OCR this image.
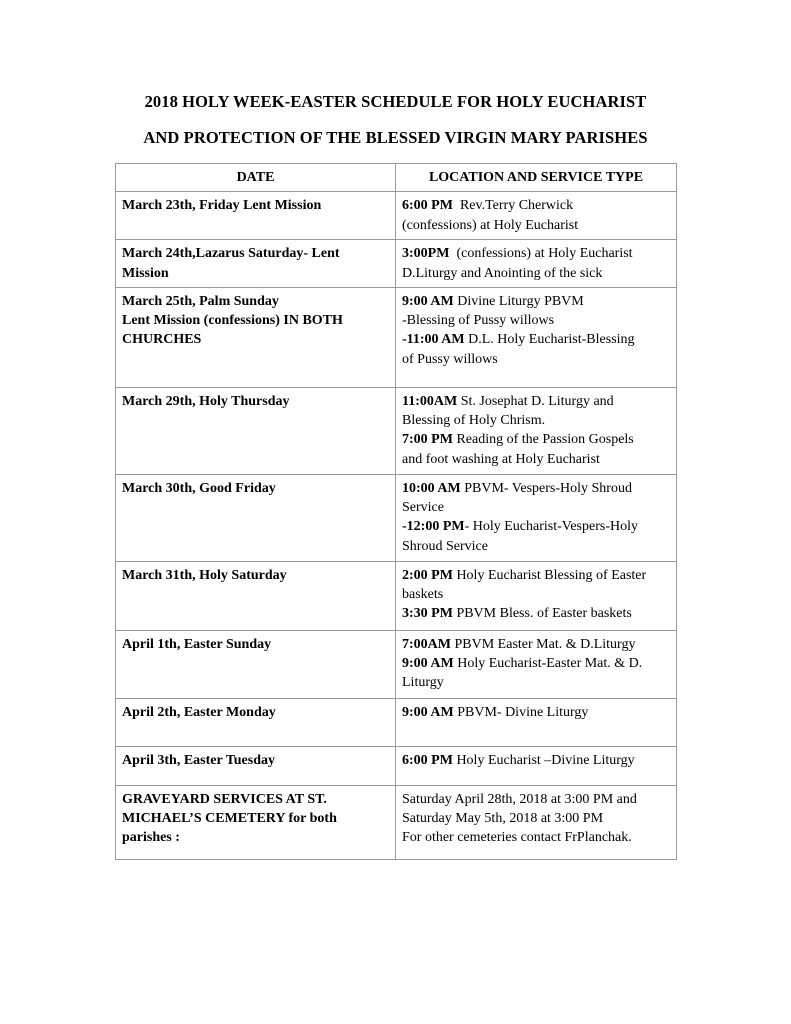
2018 HOLY WEEK-EASTER SCHEDULE FOR HOLY EUCHARIST
AND PROTECTION OF THE BLESSED VIRGIN MARY PARISHES
DATE	LOCATION AND SERVICE TYPE

March 23th, Friday Lent Mission	6:00 PM  Rev.Terry Cherwick
(confessions) at Holy Eucharist

March 24th,Lazarus Saturday- Lent
Mission	3:00PM  (confessions) at Holy Eucharist
D.Liturgy and Anointing of the sick

March 25th, Palm Sunday
Lent Mission (confessions) IN BOTH
CHURCHES	9:00 AM Divine Liturgy PBVM
-Blessing of Pussy willows
-11:00 AM D.L. Holy Eucharist-Blessing
of Pussy willows

March 29th, Holy Thursday	11:00AM St. Josephat D. Liturgy and
Blessing of Holy Chrism.
7:00 PM Reading of the Passion Gospels
and foot washing at Holy Eucharist

March 30th, Good Friday	10:00 AM PBVM- Vespers-Holy Shroud
Service
-12:00 PM- Holy Eucharist-Vespers-Holy
Shroud Service

March 31th, Holy Saturday	2:00 PM Holy Eucharist Blessing of Easter
baskets
3:30 PM PBVM Bless. of Easter baskets

April 1th, Easter Sunday	7:00AM PBVM Easter Mat. & D.Liturgy
9:00 AM Holy Eucharist-Easter Mat. & D.
Liturgy

April 2th, Easter Monday	9:00 AM PBVM- Divine Liturgy

April 3th, Easter Tuesday	6:00 PM Holy Eucharist –Divine Liturgy

GRAVEYARD SERVICES AT ST.
MICHAEL’S CEMETERY for both
parishes :	Saturday April 28th, 2018 at 3:00 PM and
Saturday May 5th, 2018 at 3:00 PM
For other cemeteries contact FrPlanchak.
